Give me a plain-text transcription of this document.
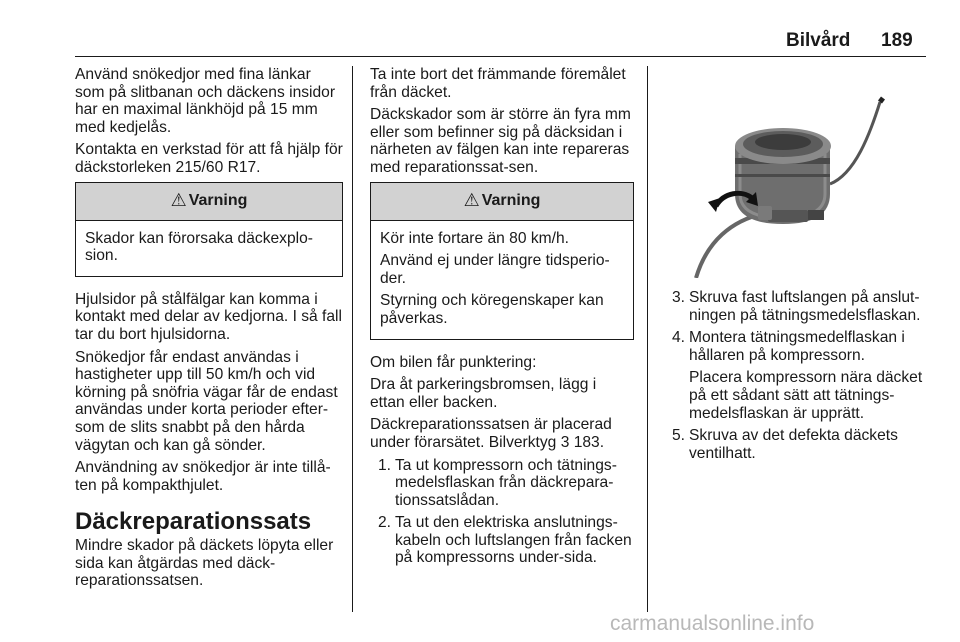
Bilvård 189

Använd snökedjor med fina länkar som på slitbanan och däckens insidor har en maximal länkhöjd på 15 mm med kedjelås.

Kontakta en verkstad för att få hjälp för däckstorleken 215/60 R17.

⚠ Varning

Skador kan förorsaka däckexplo-sion.

Hjulsidor på stålfälgar kan komma i kontakt med delar av kedjorna. I så fall tar du bort hjulsidorna.

Snökedjor får endast användas i hastigheter upp till 50 km/h och vid körning på snöfria vägar får de endast användas under korta perioder efter-som de slits snabbt på den hårda vägytan och kan gå sönder.

Användning av snökedjor är inte tillå-ten på kompakthjulet.

Däckreparationssats

Mindre skador på däckets löpyta eller sida kan åtgärdas med däck-reparationssatsen.

Ta inte bort det främmande föremålet från däcket.

Däckskador som är större än fyra mm eller som befinner sig på däcksidan i närheten av fälgen kan inte repareras med reparationssat-sen.

⚠ Varning

Kör inte fortare än 80 km/h.

Använd ej under längre tidsperio-der.

Styrning och köregenskaper kan påverkas.

Om bilen får punktering:

Dra åt parkeringsbromsen, lägg i ettan eller backen.

Däckreparationssatsen är placerad under förarsätet. Bilverktyg 3 183.

1. Ta ut kompressorn och tätnings-medelsflaskan från däckrepara-tionssatslådan.
2. Ta ut den elektriska anslutnings-kabeln och luftslangen från facken på kompressorns under-sida.
3. Skruva fast luftslangen på anslut-ningen på tätningsmedelsflaskan.
4. Montera tätningsmedelflaskan i hållaren på kompressorn.

Placera kompressorn nära däcket på ett sådant sätt att tätnings-medelsflaskan är upprätt.

5. Skruva av det defekta däckets ventilhatt.
carmanualsonline.info
